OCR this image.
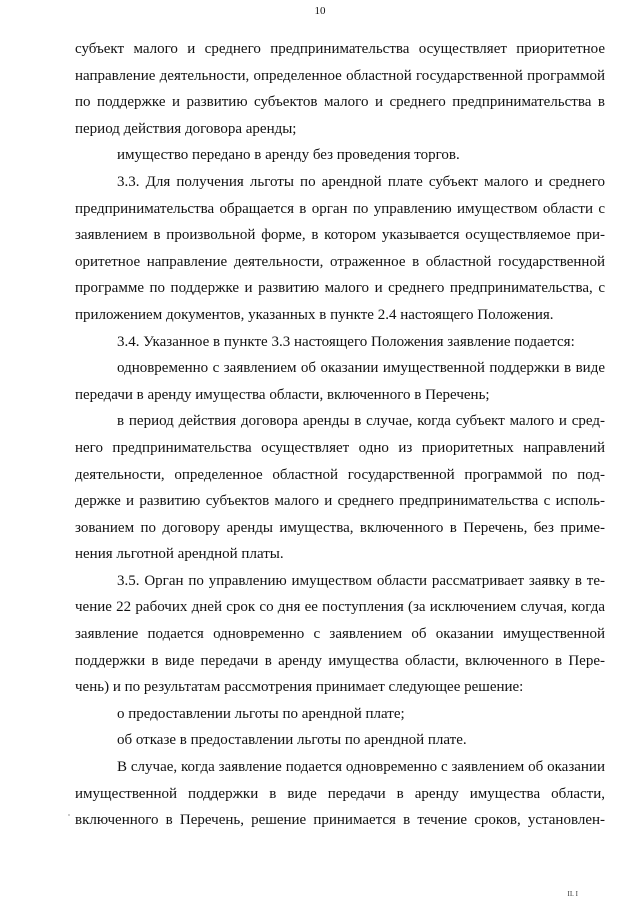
10

субъект малого и среднего предпринимательства осуществляет приоритетное направление деятельности, определенное областной государственной программой по поддержке и развитию субъектов малого и среднего предпринимательства в период действия договора аренды;

имущество передано в аренду без проведения торгов.

3.3. Для получения льготы по арендной плате субъект малого и среднего предпринимательства обращается в орган по управлению имуществом области с заявлением в произвольной форме, в котором указывается осуществляемое приоритетное направление деятельности, отраженное в областной государственной программе по поддержке и развитию малого и среднего предпринимательства, с приложением документов, указанных в пункте 2.4 настоящего Положения.

3.4. Указанное в пункте 3.3 настоящего Положения заявление подается:

одновременно с заявлением об оказании имущественной поддержки в виде передачи в аренду имущества области, включенного в Перечень;

в период действия договора аренды в случае, когда субъект малого и среднего предпринимательства осуществляет одно из приоритетных направлений деятельности, определенное областной государственной программой по поддержке и развитию субъектов малого и среднего предпринимательства с использованием по договору аренды имущества, включенного в Перечень, без применения льготной арендной платы.

3.5. Орган по управлению имуществом области рассматривает заявку в течение 22 рабочих дней срок со дня ее поступления (за исключением случая, когда заявление подается одновременно с заявлением об оказании имущественной поддержки в виде передачи в аренду имущества области, включенного в Перечень) и по результатам рассмотрения принимает следующее решение:

о предоставлении льготы по арендной плате;

об отказе в предоставлении льготы по арендной плате.

В случае, когда заявление подается одновременно с заявлением об оказании имущественной поддержки в виде передачи в аренду имущества области, включенного в Перечень, решение принимается в течение сроков, установлен-

II. I
